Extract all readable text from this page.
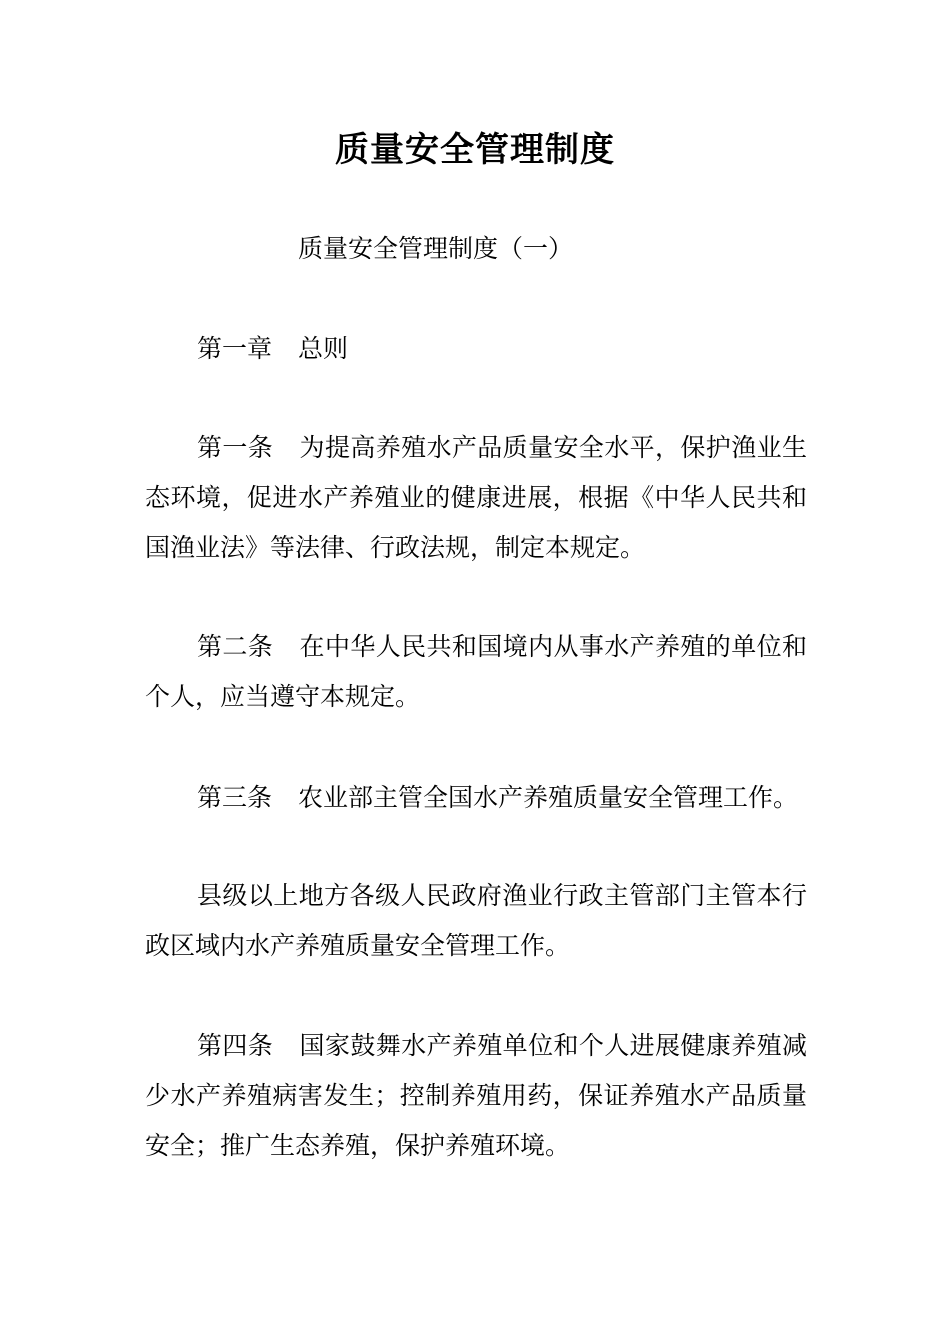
质量安全管理制度
质量安全管理制度（一）
第一章 总则
第一条 为提高养殖水产品质量安全水平，保护渔业生态环境，促进水产养殖业的健康进展，根据《中华人民共和国渔业法》等法律、行政法规，制定本规定。
第二条 在中华人民共和国境内从事水产养殖的单位和个人，应当遵守本规定。
第三条 农业部主管全国水产养殖质量安全管理工作。
县级以上地方各级人民政府渔业行政主管部门主管本行政区域内水产养殖质量安全管理工作。
第四条 国家鼓舞水产养殖单位和个人进展健康养殖减少水产养殖病害发生；控制养殖用药，保证养殖水产品质量安全；推广生态养殖，保护养殖环境。
